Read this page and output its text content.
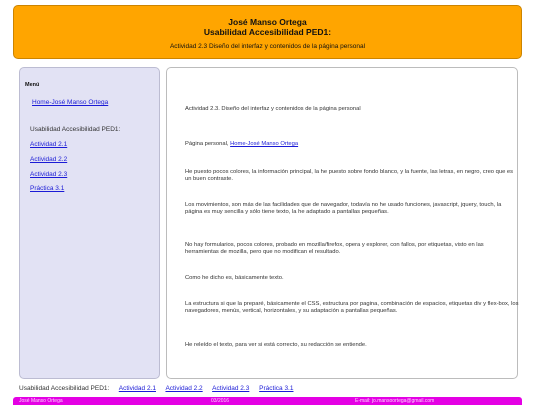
José Manso Ortega
Usabilidad Accesibilidad PED1:
Actividad 2.3 Diseño del interfaz y contenidos de la página personal
Menú
Home-José Manso Ortega
Usabilidad Accesibilidad PED1:
Actividad 2.1
Actividad 2.2
Actividad 2.3
Práctica 3.1
Actividad 2.3. Diseño del interfaz y contenidos de la página personal
Página personal, Home-José Manso Ortega
He puesto pocos colores, la información principal, la he puesto sobre fondo blanco, y la fuente, las letras, en negro, creo que es un buen contraste.
Los movimientos, son más de las facilidades que de navegador, todavía no he usado funciones, javascript, jquery, touch, la página es muy sencilla y sólo tiene texto, la he adaptado a pantallas pequeñas.
No hay formularios, pocos colores, probado en mozilla/firefox, opera y explorer, con fallos, por etiquetas, visto en las herramientas de mozilla, pero que no modifican el resultado.
Como he dicho es, básicamente texto.
La estructura si que la preparé, básicamente el CSS, estructura por pagina, combinación de espacios, etiquetas div y flex-box, los navegadores, menús, vertical, horizontales, y su adaptación a pantallas pequeñas.
He releído el texto, para ver si está correcto, su redacción se entiende.
Usabilidad Accesibilidad PED1: Actividad 2.1 Actividad 2.2 Actividad 2.3 Práctica 3.1
José Manso Ortega	03/2016	E-mail: jo.mansoortega@gmail.com
